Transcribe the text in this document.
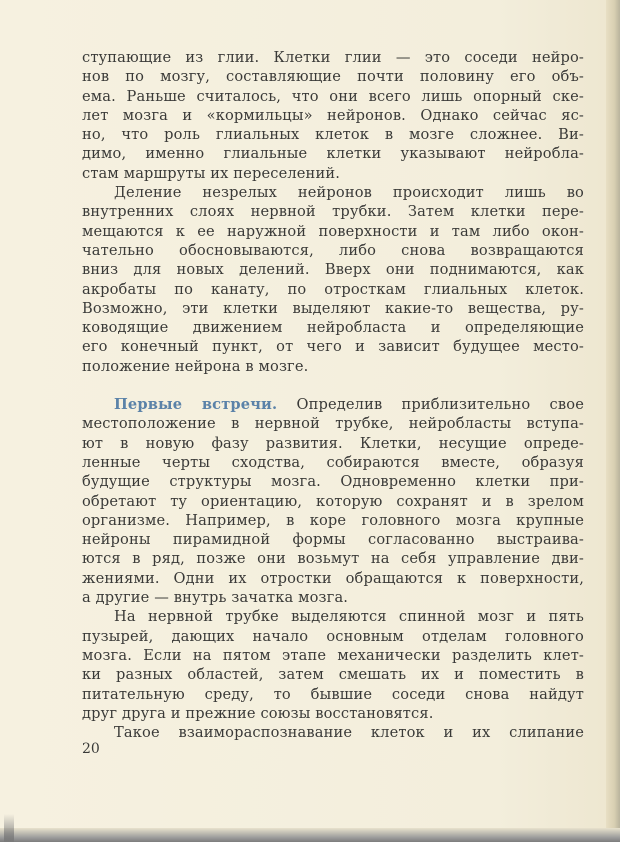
ступающие из глии. Клетки глии — это соседи нейро-
нов по мозгу, составляющие почти половину его объ-
ема. Раньше считалось, что они всего лишь опорный ске-
лет мозга и «кормильцы» нейронов. Однако сейчас яс-
но, что роль глиальных клеток в мозге сложнее. Ви-
димо, именно глиальные клетки указывают нейробла-
стам маршруты их переселений.
Деление незрелых нейронов происходит лишь во
внутренних слоях нервной трубки. Затем клетки пере-
мещаются к ее наружной поверхности и там либо окон-
чательно обосновываются, либо снова возвращаются
вниз для новых делений. Вверх они поднимаются, как
акробаты по канату, по отросткам глиальных клеток.
Возможно, эти клетки выделяют какие-то вещества, ру-
ководящие движением нейробласта и определяющие
его конечный пункт, от чего и зависит будущее место-
положение нейрона в мозге.
Первые встречи. Определив приблизительно свое
местоположение в нервной трубке, нейробласты вступа-
ют в новую фазу развития. Клетки, несущие опреде-
ленные черты сходства, собираются вместе, образуя
будущие структуры мозга. Одновременно клетки при-
обретают ту ориентацию, которую сохранят и в зрелом
организме. Например, в коре головного мозга крупные
нейроны пирамидной формы согласованно выстраива-
ются в ряд, позже они возьмут на себя управление дви-
жениями. Одни их отростки обращаются к поверхности,
а другие — внутрь зачатка мозга.
На нервной трубке выделяются спинной мозг и пять
пузырей, дающих начало основным отделам головного
мозга. Если на пятом этапе механически разделить клет-
ки разных областей, затем смешать их и поместить в
питательную среду, то бывшие соседи снова найдут
друг друга и прежние союзы восстановятся.
Такое взаимораспознавание клеток и их слипание
20
